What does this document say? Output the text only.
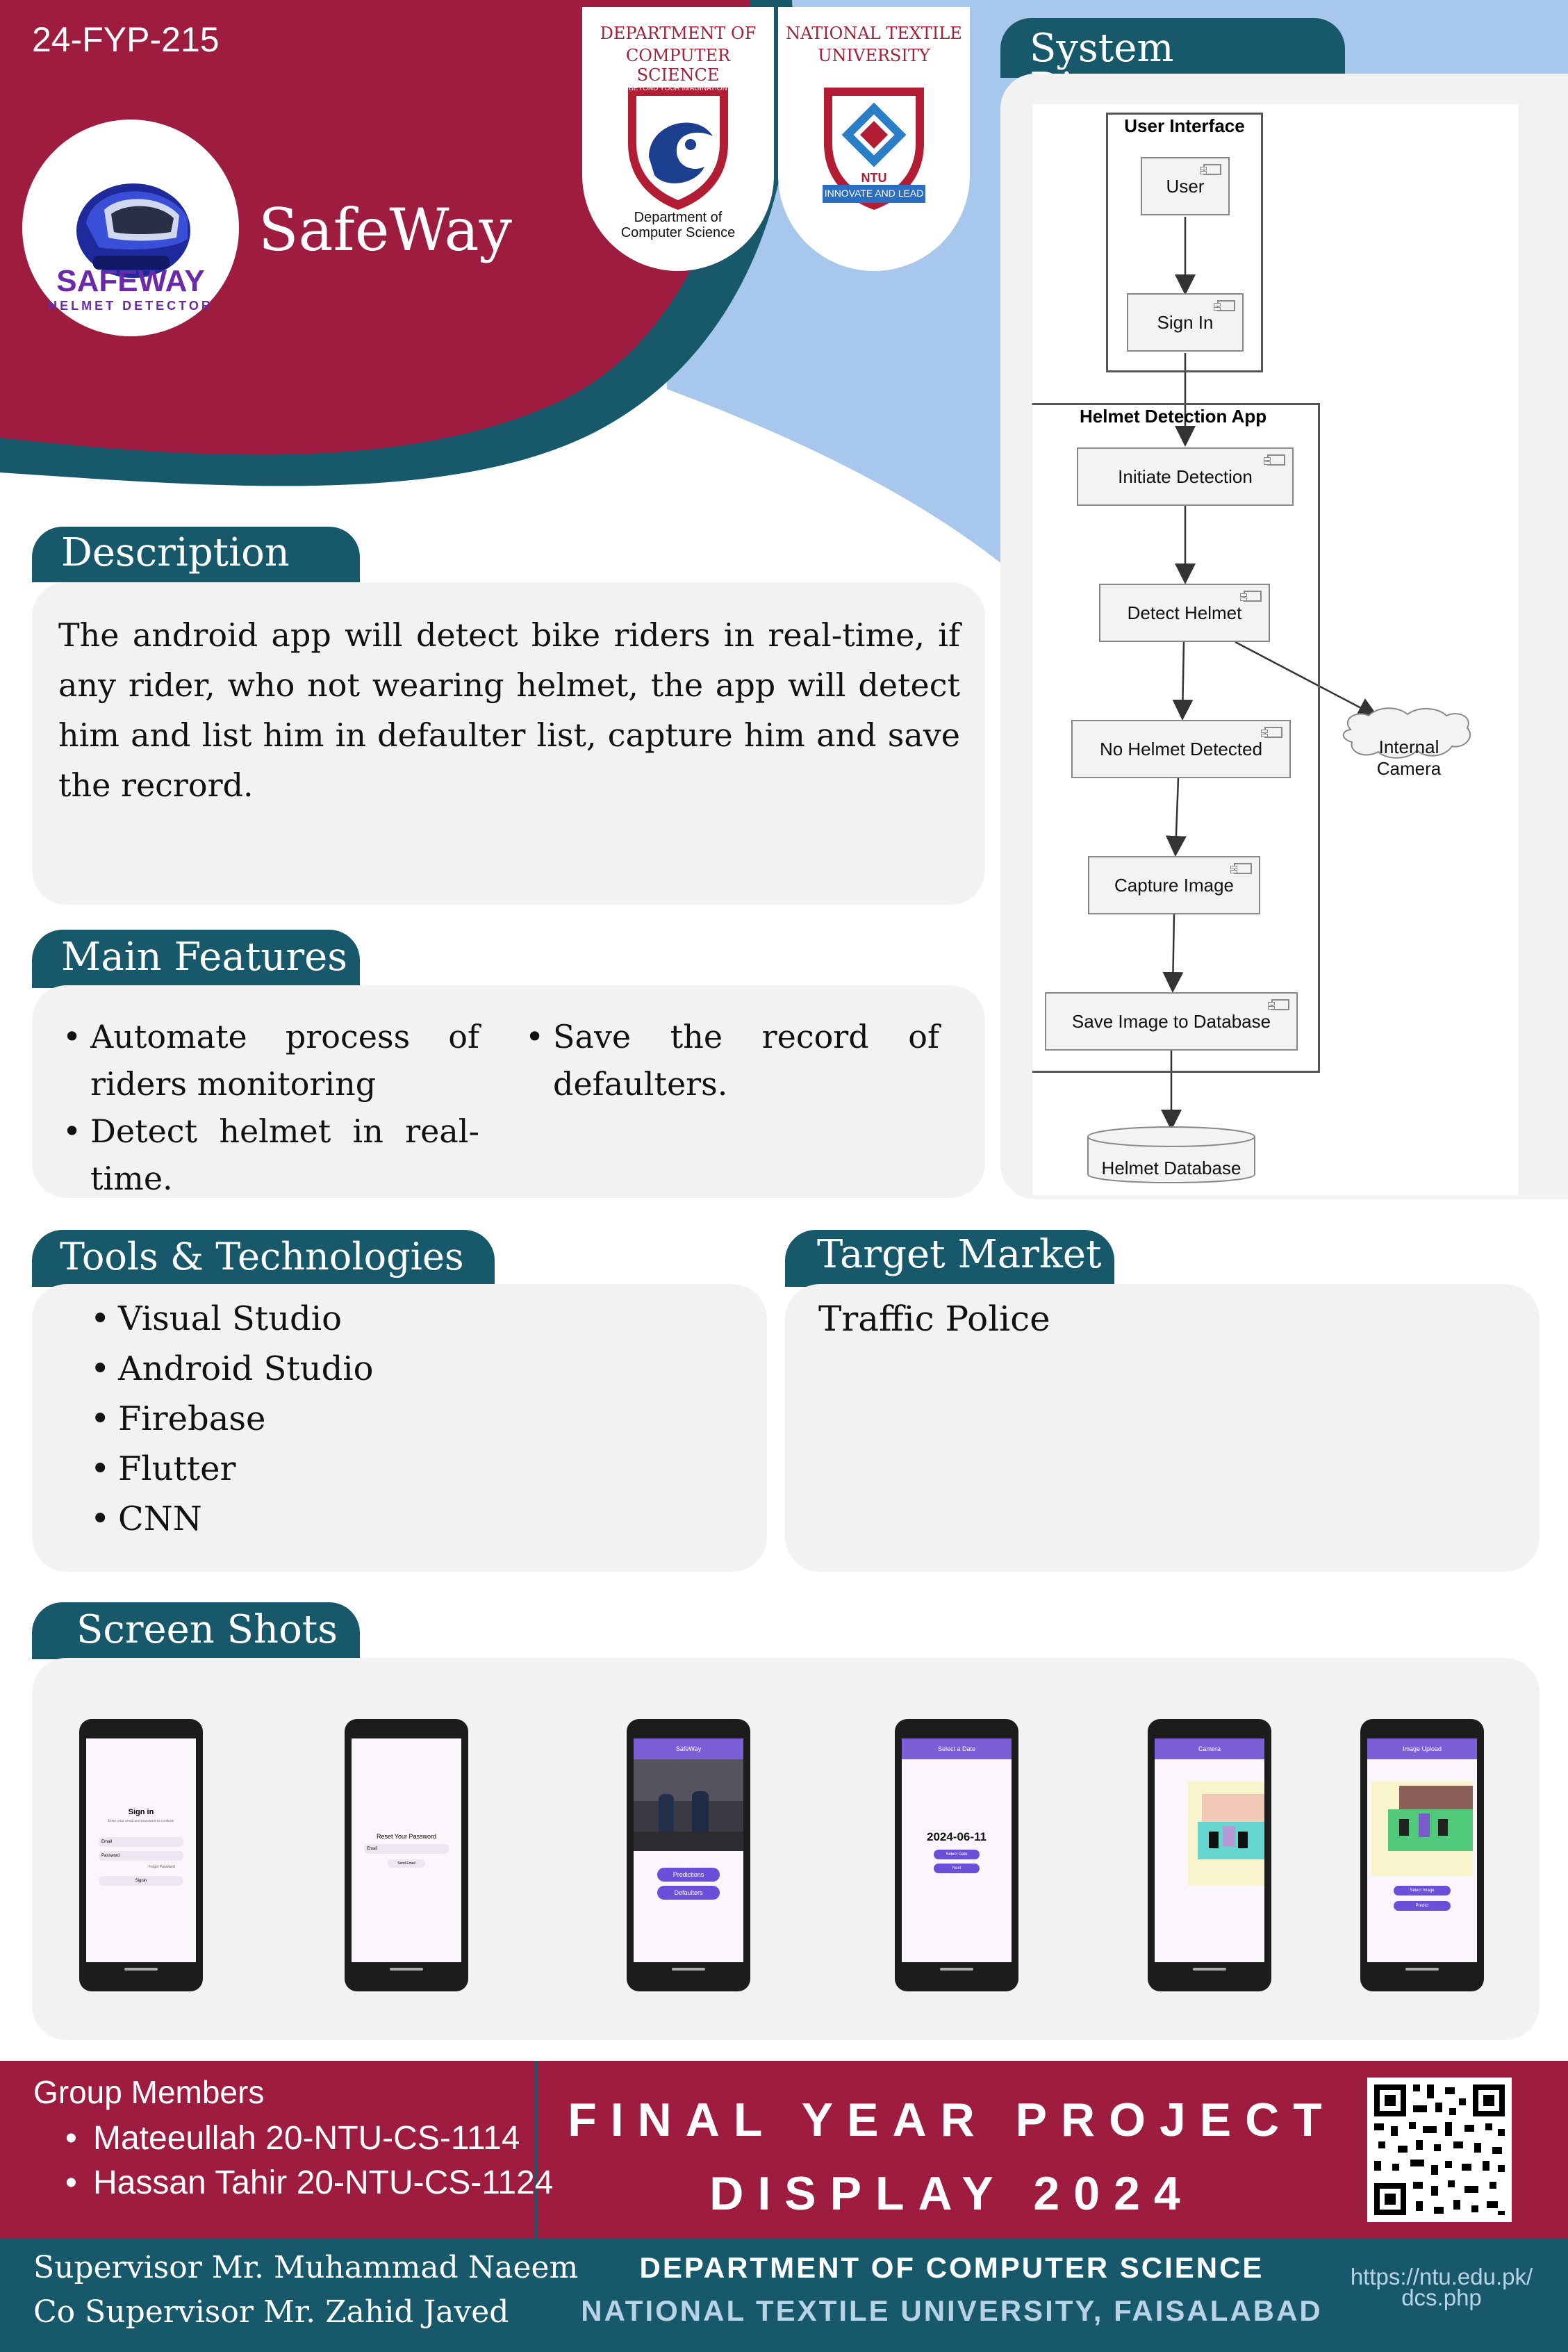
24-FYP-215
SAFEWAY
HELMET DETECTOR
SafeWay
DEPARTMENT OF
COMPUTER SCIENCE
BEYOND YOUR IMAGINATION
Department of
Computer Science
NATIONAL TEXTILE
UNIVERSITY
NTU
INNOVATE AND LEAD
Description
The android app will detect bike riders in real-time, if any rider, who not wearing helmet, the app will detect him and list him in defaulter list, capture him and save the recrord.
Main Features
• Automate process of riders monitoring
• Detect helmet in real-time.
• Save the record of defaulters.
System
User Interface
Helmet Detection App
User
Sign In
Initiate Detection
Detect Helmet
No Helmet Detected
Capture Image
Save Image to Database
Internal Camera
Helmet Database
Tools & Technologies
• Visual Studio
• Android Studio
• Firebase
• Flutter
• CNN
Target Market
Traffic Police
Screen Shots
Sign in
Enter your email and password to continue
Email
Password
Forgot Password
Signin
Reset Your Password
Email
Send Email
SafeWay
Predictions
Defaulters
Select a Date
2024-06-11
Select Date
Next
Camera	Image Upload
Select Image
Predict
Group Members
• Mateeullah 20-NTU-CS-1114
• Hassan Tahir 20-NTU-CS-1124
FINAL YEAR PROJECT
DISPLAY 2024
Supervisor Mr. Muhammad Naeem
Co Supervisor Mr. Zahid Javed
DEPARTMENT OF COMPUTER SCIENCE
NATIONAL TEXTILE UNIVERSITY, FAISALABAD
https://ntu.edu.pk/
dcs.php
